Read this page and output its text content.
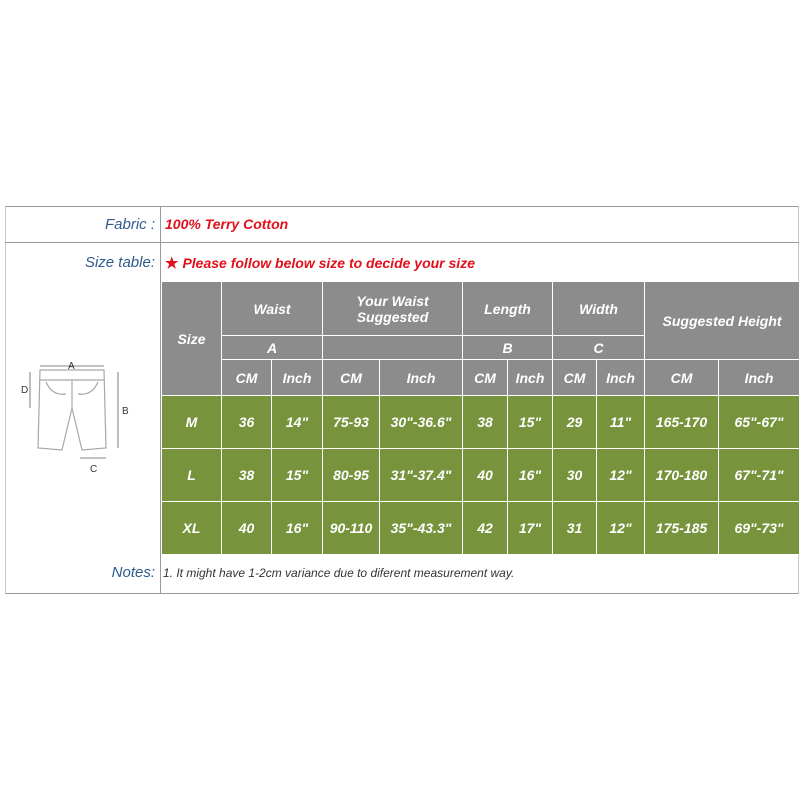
Fabric : 100% Terry Cotton
Size table: ★ Please follow below size to decide your size
A
D
B
C
Size	Waist		Your Waist Suggested		Length		Width		Suggested Height	
	A				B		C			
	CM	Inch	CM	Inch	CM	Inch	CM	Inch	CM	Inch
M	36	14"	75-93	30"-36.6"	38	15"	29	11"	165-170	65"-67"
L	38	15"	80-95	31"-37.4"	40	16"	30	12"	170-180	67"-71"
XL	40	16"	90-110	35"-43.3"	42	17"	31	12"	175-185	69"-73"
Notes: 1. It might have 1-2cm variance due to diferent measurement way.
